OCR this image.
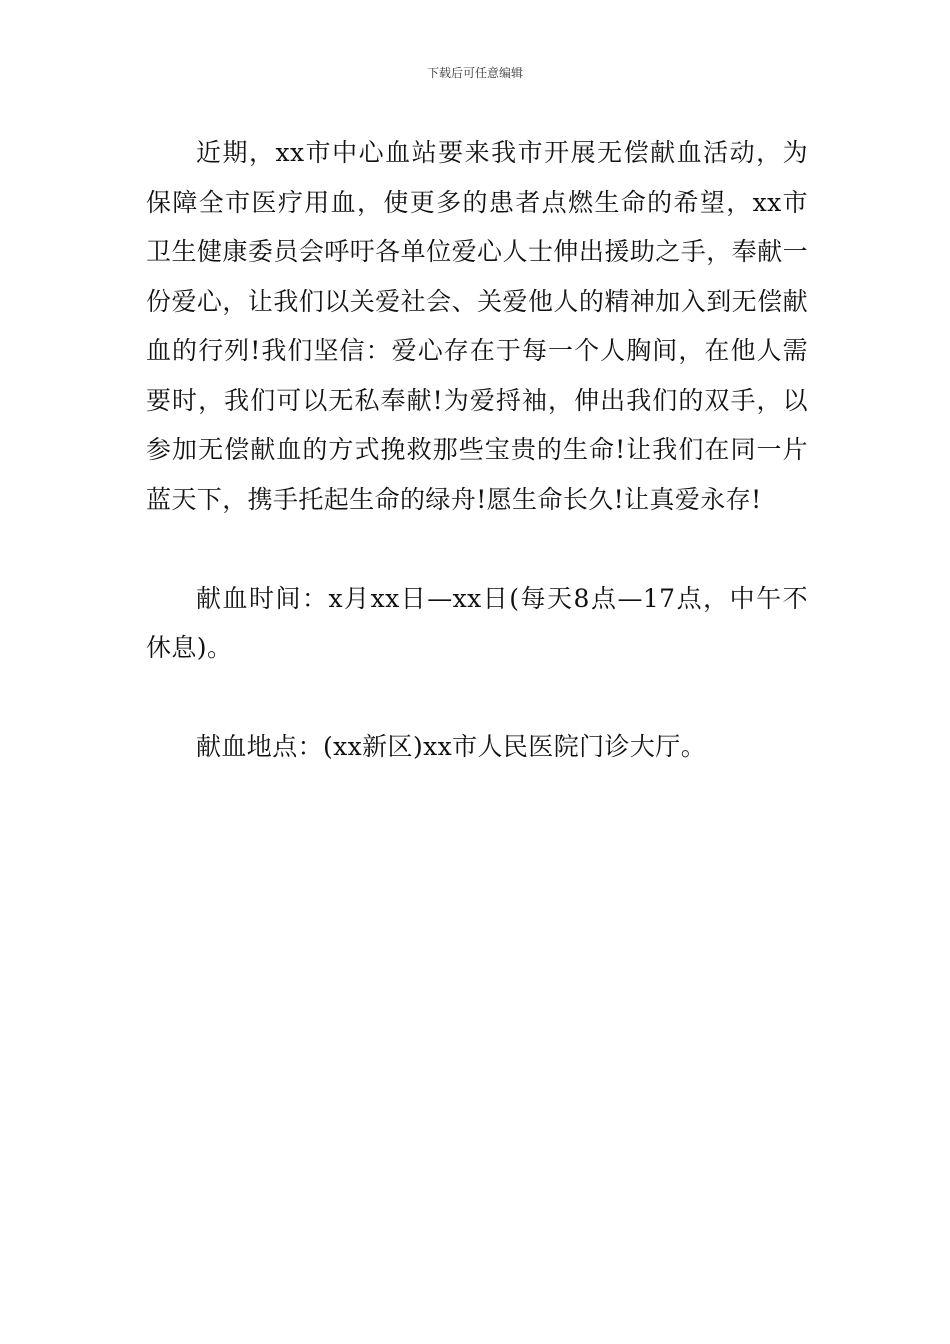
下载后可任意编辑

近期，xx市中心血站要来我市开展无偿献血活动，为保障全市医疗用血，使更多的患者点燃生命的希望，xx市卫生健康委员会呼吁各单位爱心人士伸出援助之手，奉献一份爱心，让我们以关爱社会、关爱他人的精神加入到无偿献血的行列!我们坚信：爱心存在于每一个人胸间，在他人需要时，我们可以无私奉献!为爱捋袖，伸出我们的双手，以参加无偿献血的方式挽救那些宝贵的生命!让我们在同一片蓝天下，携手托起生命的绿舟!愿生命长久!让真爱永存!

献血时间：x月xx日—xx日(每天8点—17点，中午不休息)。

献血地点：(xx新区)xx市人民医院门诊大厅。
